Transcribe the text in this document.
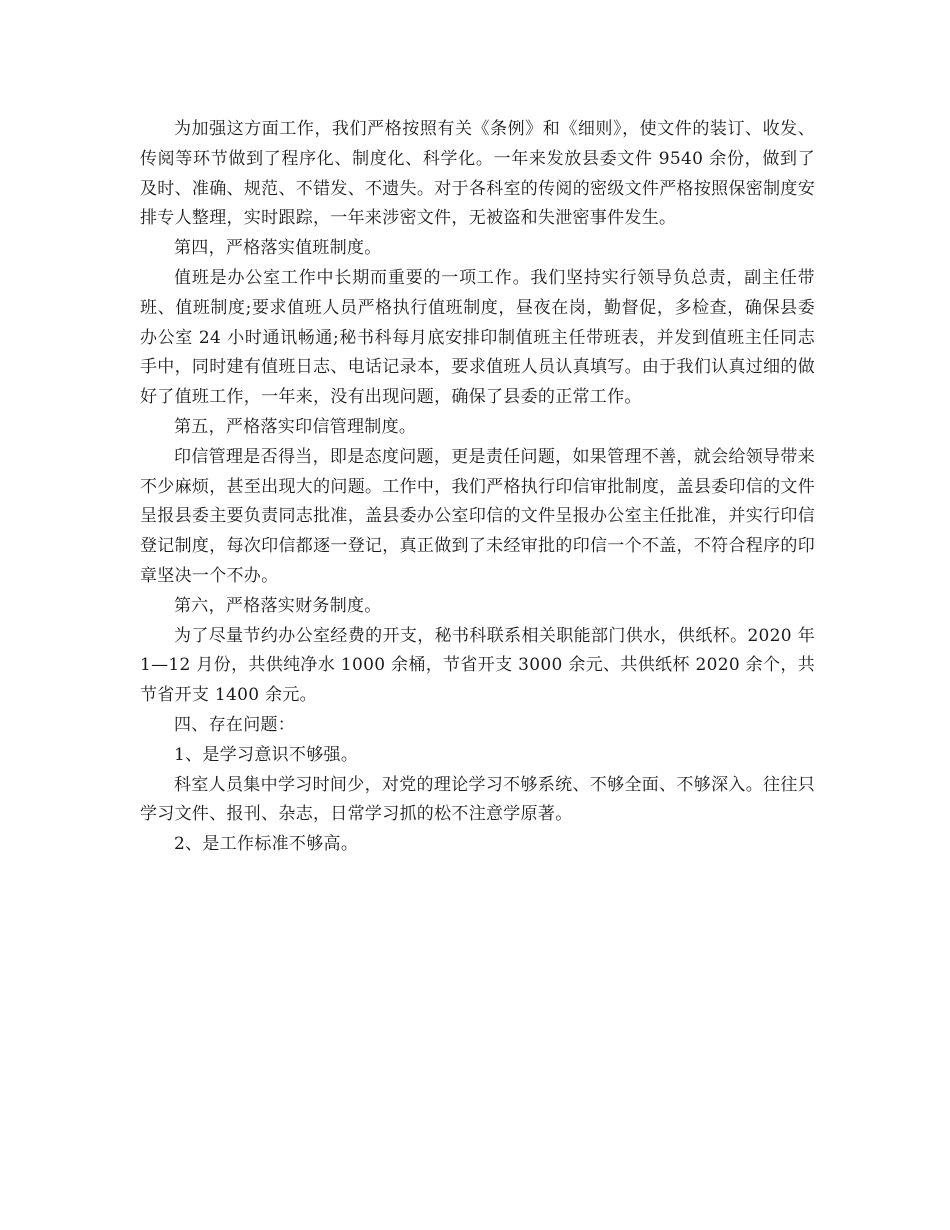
为加强这方面工作，我们严格按照有关《条例》和《细则》，使文件的装订、收发、传阅等环节做到了程序化、制度化、科学化。一年来发放县委文件 9540 余份，做到了及时、准确、规范、不错发、不遗失。对于各科室的传阅的密级文件严格按照保密制度安排专人整理，实时跟踪，一年来涉密文件，无被盗和失泄密事件发生。

第四，严格落实值班制度。

值班是办公室工作中长期而重要的一项工作。我们坚持实行领导负总责，副主任带班、值班制度;要求值班人员严格执行值班制度，昼夜在岗，勤督促，多检查，确保县委办公室 24 小时通讯畅通;秘书科每月底安排印制值班主任带班表，并发到值班主任同志手中，同时建有值班日志、电话记录本，要求值班人员认真填写。由于我们认真过细的做好了值班工作，一年来，没有出现问题，确保了县委的正常工作。

第五，严格落实印信管理制度。

印信管理是否得当，即是态度问题，更是责任问题，如果管理不善，就会给领导带来不少麻烦，甚至出现大的问题。工作中，我们严格执行印信审批制度，盖县委印信的文件呈报县委主要负责同志批准，盖县委办公室印信的文件呈报办公室主任批准，并实行印信登记制度，每次印信都逐一登记，真正做到了未经审批的印信一个不盖，不符合程序的印章坚决一个不办。

第六，严格落实财务制度。

为了尽量节约办公室经费的开支，秘书科联系相关职能部门供水，供纸杯。2020 年 1—12 月份，共供纯净水 1000 余桶，节省开支 3000 余元、共供纸杯 2020 余个，共节省开支 1400 余元。

四、存在问题：

1、是学习意识不够强。

科室人员集中学习时间少，对党的理论学习不够系统、不够全面、不够深入。往往只学习文件、报刊、杂志，日常学习抓的松不注意学原著。

2、是工作标准不够高。
